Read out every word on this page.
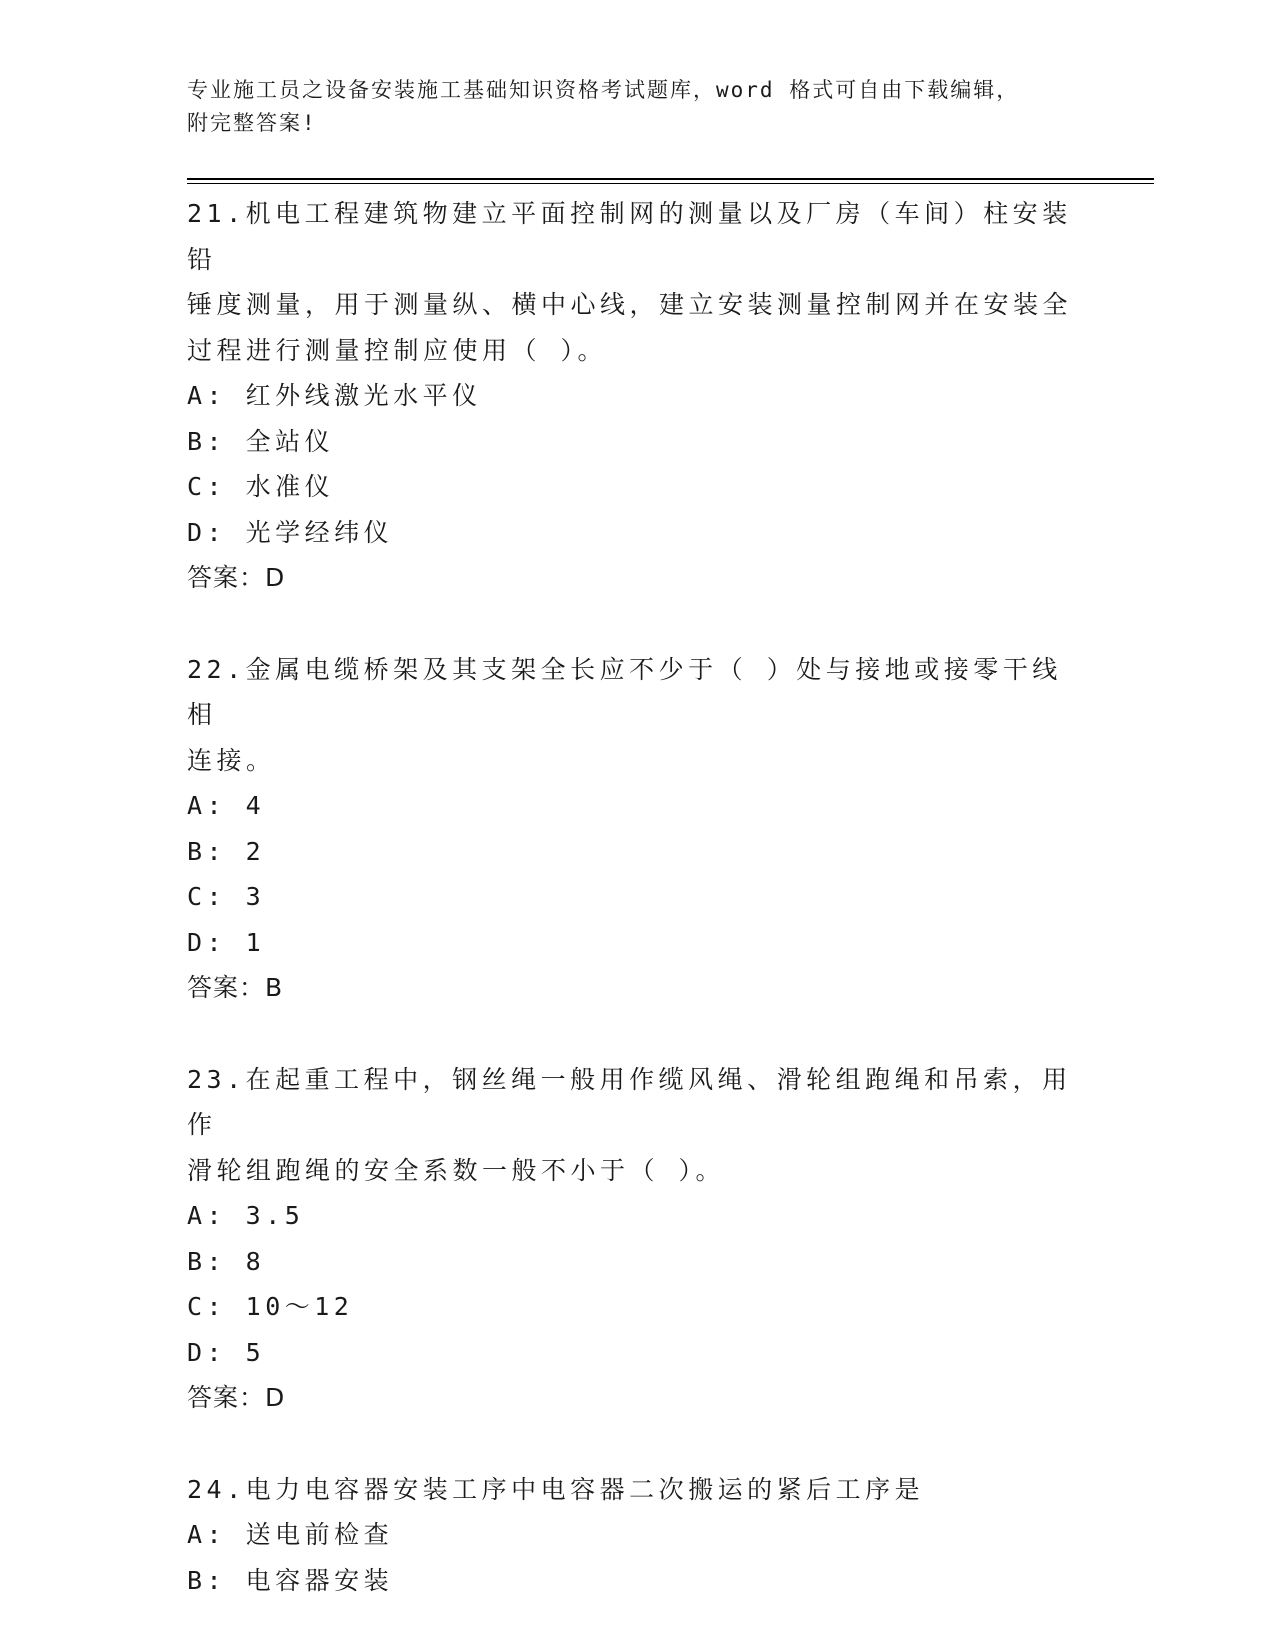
专业施工员之设备安装施工基础知识资格考试题库，word 格式可自由下载编辑，
附完整答案!

21.机电工程建筑物建立平面控制网的测量以及厂房（车间）柱安装铅
锤度测量，用于测量纵、横中心线，建立安装测量控制网并在安装全
过程进行测量控制应使用（ ）。

A: 红外线激光水平仪

B: 全站仪

C: 水准仪

D: 光学经纬仪

答案：D

22.金属电缆桥架及其支架全长应不少于（ ）处与接地或接零干线相
连接。

A: 4

B: 2

C: 3

D: 1

答案：B

23.在起重工程中，钢丝绳一般用作缆风绳、滑轮组跑绳和吊索，用作
滑轮组跑绳的安全系数一般不小于（ ）。

A: 3.5

B: 8

C: 10～12

D: 5

答案：D

24.电力电容器安装工序中电容器二次搬运的紧后工序是

A: 送电前检查

B: 电容器安装
